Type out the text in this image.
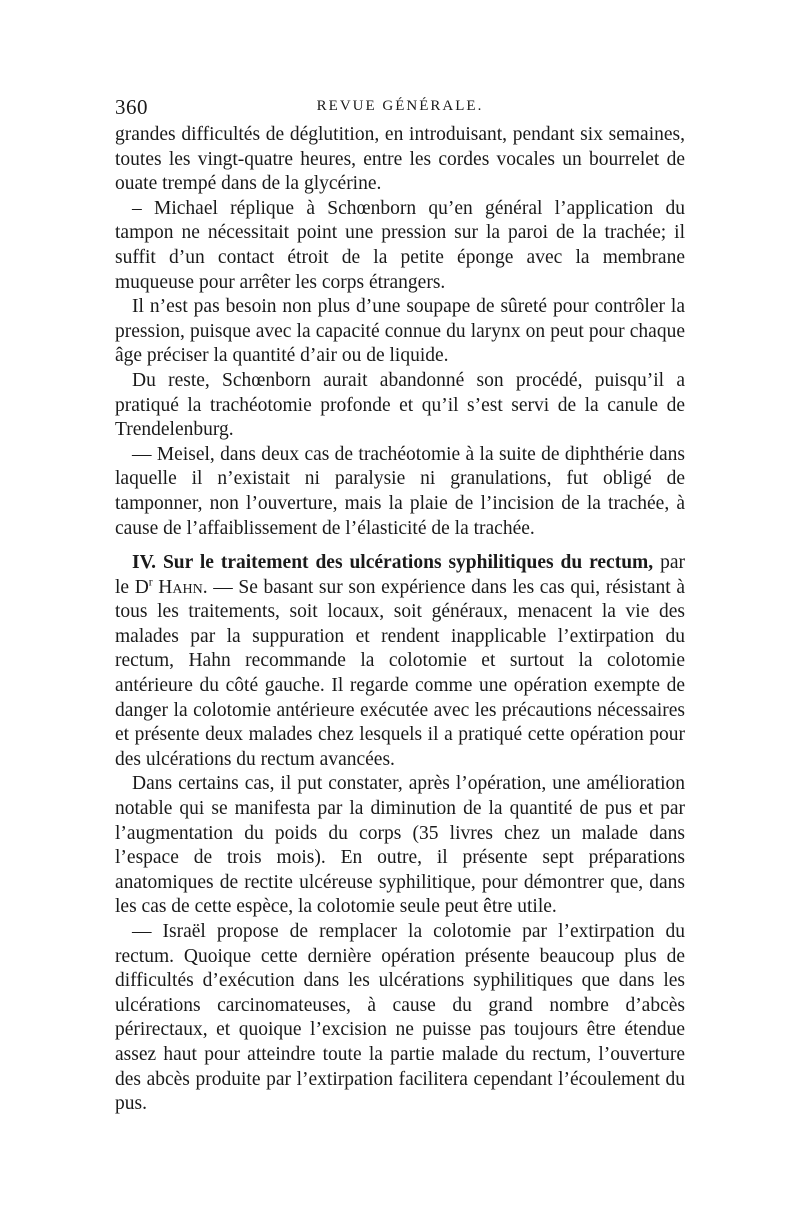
360	REVUE GÉNÉRALE.

grandes difficultés de déglutition, en introduisant, pendant six semaines, toutes les vingt-quatre heures, entre les cordes vocales un bourrelet de ouate trempé dans de la glycérine.

– Michael réplique à Schœnborn qu’en général l’application du tampon ne nécessitait point une pression sur la paroi de la trachée; il suffit d’un contact étroit de la petite éponge avec la membrane muqueuse pour arrêter les corps étrangers.

Il n’est pas besoin non plus d’une soupape de sûreté pour contrôler la pression, puisque avec la capacité connue du larynx on peut pour chaque âge préciser la quantité d’air ou de liquide.

Du reste, Schœnborn aurait abandonné son procédé, puisqu’il a pratiqué la trachéotomie profonde et qu’il s’est servi de la canule de Trendelenburg.

— Meisel, dans deux cas de trachéotomie à la suite de diphthérie dans laquelle il n’existait ni paralysie ni granulations, fut obligé de tamponner, non l’ouverture, mais la plaie de l’incision de la trachée, à cause de l’affaiblissement de l’élasticité de la trachée.

IV. Sur le traitement des ulcérations syphilitiques du rectum, par le $D^r$ Hahn. — Se basant sur son expérience dans les cas qui, résistant à tous les traitements, soit locaux, soit généraux, menacent la vie des malades par la suppuration et rendent inapplicable l’extirpation du rectum, Hahn recommande la colotomie et surtout la colotomie antérieure du côté gauche. Il regarde comme une opération exempte de danger la colotomie antérieure exécutée avec les précautions nécessaires et présente deux malades chez lesquels il a pratiqué cette opération pour des ulcérations du rectum avancées.

Dans certains cas, il put constater, après l’opération, une amélioration notable qui se manifesta par la diminution de la quantité de pus et par l’augmentation du poids du corps (35 livres chez un malade dans l’espace de trois mois). En outre, il présente sept préparations anatomiques de rectite ulcéreuse syphilitique, pour démontrer que, dans les cas de cette espèce, la colotomie seule peut être utile.

— Israël propose de remplacer la colotomie par l’extirpation du rectum. Quoique cette dernière opération présente beaucoup plus de difficultés d’exécution dans les ulcérations syphilitiques que dans les ulcérations carcinomateuses, à cause du grand nombre d’abcès périrectaux, et quoique l’excision ne puisse pas toujours être étendue assez haut pour atteindre toute la partie malade du rectum, l’ouverture des abcès produite par l’extirpation facilitera cependant l’écoulement du pus.
